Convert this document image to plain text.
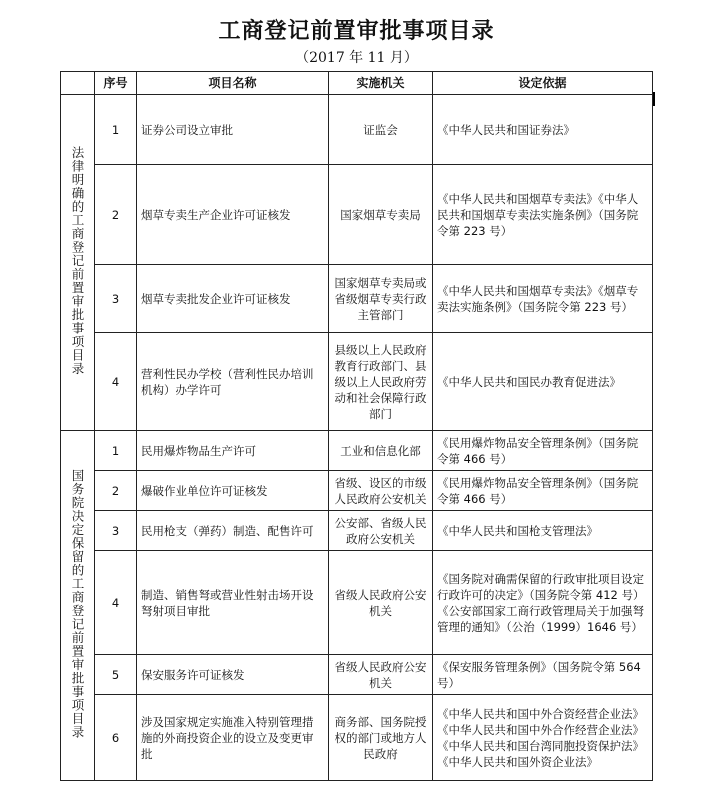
工商登记前置审批事项目录
（2017 年 11 月）
	序号	项目名称	实施机关	设定依据
法律明确的工商登记前置审批事项目录	1	证券公司设立审批	证监会	《中华人民共和国证券法》
	2	烟草专卖生产企业许可证核发	国家烟草专卖局	《中华人民共和国烟草专卖法》《中华人民共和国烟草专卖法实施条例》（国务院令第 223 号）
	3	烟草专卖批发企业许可证核发	国家烟草专卖局或省级烟草专卖行政主管部门	《中华人民共和国烟草专卖法》《烟草专卖法实施条例》（国务院令第 223 号）
	4	营利性民办学校（营利性民办培训机构）办学许可	县级以上人民政府教育行政部门、县级以上人民政府劳动和社会保障行政部门	《中华人民共和国民办教育促进法》
国务院决定保留的工商登记前置审批事项目录	1	民用爆炸物品生产许可	工业和信息化部	《民用爆炸物品安全管理条例》（国务院令第 466 号）
	2	爆破作业单位许可证核发	省级、设区的市级人民政府公安机关	《民用爆炸物品安全管理条例》（国务院令第 466 号）
	3	民用枪支（弹药）制造、配售许可	公安部、省级人民政府公安机关	《中华人民共和国枪支管理法》
	4	制造、销售弩或营业性射击场开设弩射项目审批	省级人民政府公安机关	《国务院对确需保留的行政审批项目设定行政许可的决定》（国务院令第 412 号）《公安部国家工商行政管理局关于加强弩管理的通知》（公治（1999）1646 号）
	5	保安服务许可证核发	省级人民政府公安机关	《保安服务管理条例》（国务院令第 564 号）
	6	涉及国家规定实施准入特别管理措施的外商投资企业的设立及变更审批	商务部、国务院授权的部门或地方人民政府	《中华人民共和国中外合资经营企业法》《中华人民共和国中外合作经营企业法》《中华人民共和国台湾同胞投资保护法》《中华人民共和国外资企业法》
